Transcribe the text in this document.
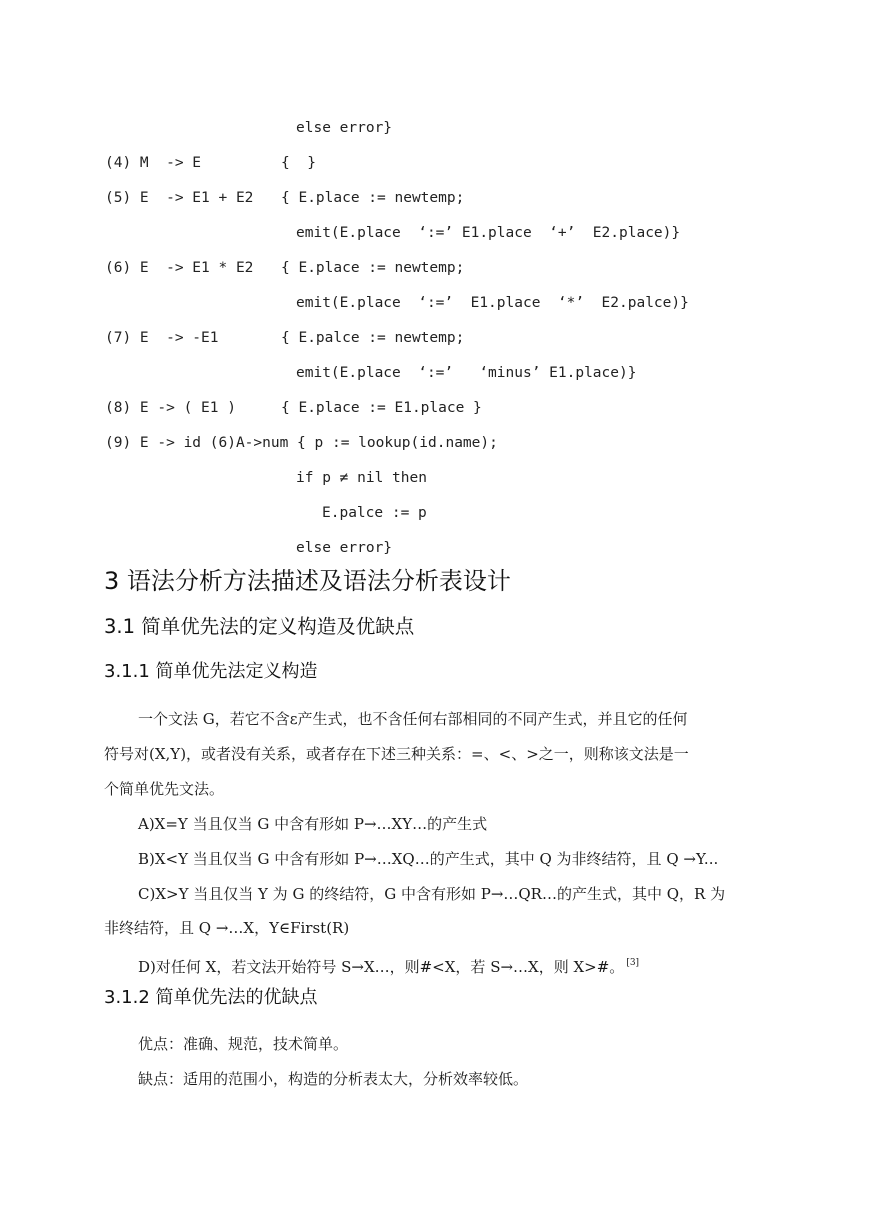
else error}
(4) M  -> E	{  }
(5) E  -> E1 + E2 { E.place := newtemp;
emit(E.place  ‘:=’ E1.place  ‘+’  E2.place)}
(6) E  -> E1 * E2 { E.place := newtemp;
emit(E.place  ‘:=’  E1.place  ‘*’  E2.palce)}
(7) E  -> -E1	{ E.palce := newtemp;
emit(E.place  ‘:=’   ‘minus’ E1.place)}
(8) E -> ( E1 )	{ E.place := E1.place }
(9) E -> id (6)A->num { p := lookup(id.name);
if p ≠ nil then
E.palce := p
else error}
3 语法分析方法描述及语法分析表设计
3.1 简单优先法的定义构造及优缺点
3.1.1 简单优先法定义构造
一个文法 G，若它不含ε产生式，也不含任何右部相同的不同产生式，并且它的任何
符号对(X,Y)，或者没有关系，或者存在下述三种关系：=、<、>之一，则称该文法是一
个简单优先文法。
A)X=Y 当且仅当 G 中含有形如 P→…XY…的产生式
B)X<Y 当且仅当 G 中含有形如 P→…XQ…的产生式，其中 Q 为非终结符，且 Q →Y...
C)X>Y 当且仅当 Y 为 G 的终结符，G 中含有形如 P→…QR…的产生式，其中 Q，R 为
非终结符，且 Q →…X，Y∈First(R)
D)对任何 X，若文法开始符号 S→X…，则#<X，若 S→…X，则 X>#。 [3]
3.1.2 简单优先法的优缺点
优点：准确、规范，技术简单。
缺点：适用的范围小，构造的分析表太大，分析效率较低。
